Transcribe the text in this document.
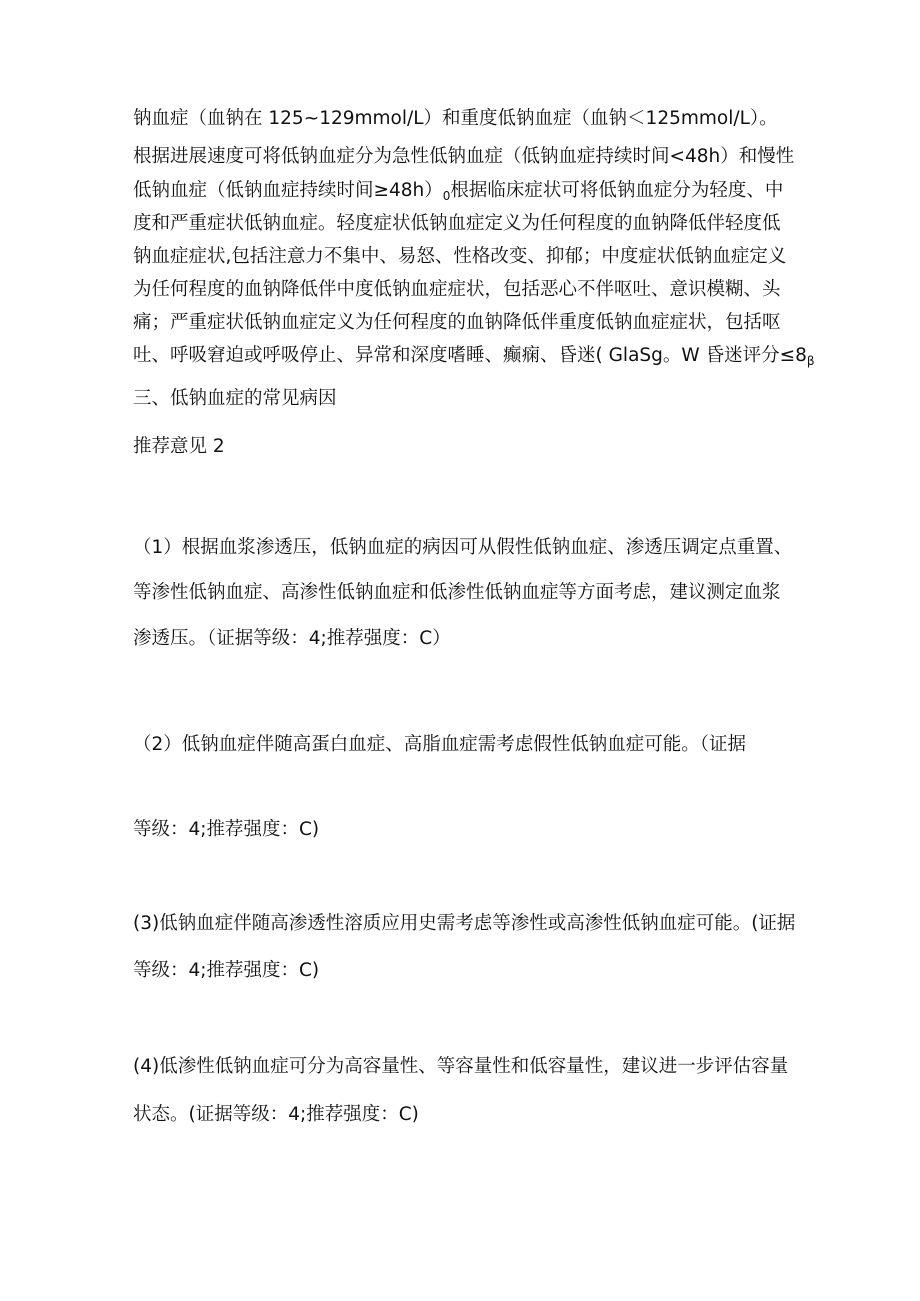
钠血症（血钠在 125~129mmol/L）和重度低钠血症（血钠＜125mmol/L）。
根据进展速度可将低钠血症分为急性低钠血症（低钠血症持续时间<48h）和慢性
低钠血症（低钠血症持续时间$\ge 48h)_0$根据临床症状可将低钠血症分为轻度、中
度和严重症状低钠血症。轻度症状低钠血症定义为任何程度的血钠降低伴轻度低
钠血症症状,包括注意力不集中、易怒、性格改变、抑郁；中度症状低钠血症定义
为任何程度的血钠降低伴中度低钠血症症状，包括恶心不伴呕吐、意识模糊、头
痛；严重症状低钠血症定义为任何程度的血钠降低伴重度低钠血症症状，包括呕
吐、呼吸窘迫或呼吸停止、异常和深度嗜睡、癫痫、昏迷( GlaSg。W 昏迷评分$\le 8_\beta$
三、低钠血症的常见病因
推荐意见 2
（1）根据血浆渗透压，低钠血症的病因可从假性低钠血症、渗透压调定点重置、
等渗性低钠血症、高渗性低钠血症和低渗性低钠血症等方面考虑，建议测定血浆
渗透压。（证据等级：4;推荐强度：C）
（2）低钠血症伴随高蛋白血症、高脂血症需考虑假性低钠血症可能。（证据
等级：4;推荐强度：C)
(3)低钠血症伴随高渗透性溶质应用史需考虑等渗性或高渗性低钠血症可能。(证据
等级：4;推荐强度：C)
(4)低渗性低钠血症可分为高容量性、等容量性和低容量性，建议进一步评估容量
状态。(证据等级：4;推荐强度：C)
